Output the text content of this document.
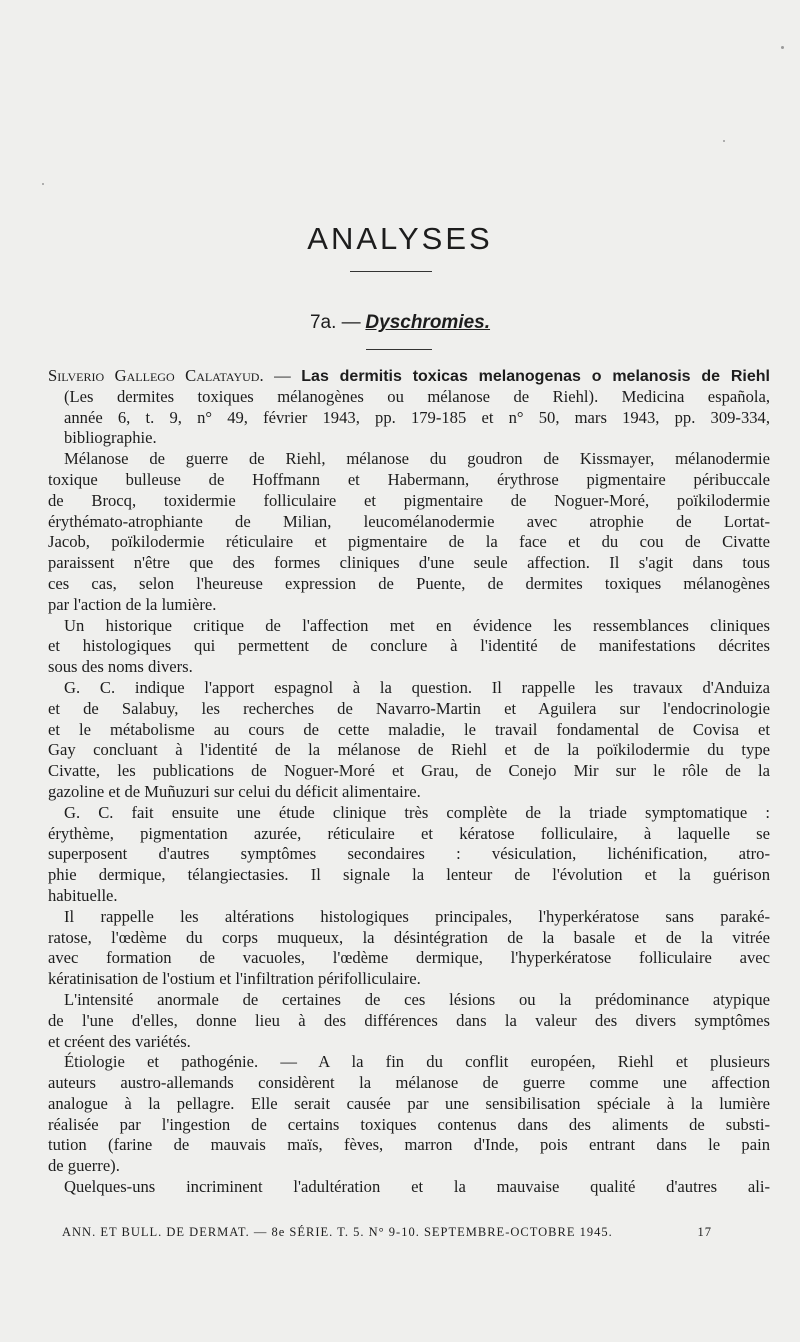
ANALYSES
7a. — Dyschromies.
Silverio Gallego Calatayud. — Las dermitis toxicas melanogenas o melanosis de Riehl
(Les dermites toxiques mélanogènes ou mélanose de Riehl). Medicina española,
année 6, t. 9, n° 49, février 1943, pp. 179-185 et n° 50, mars 1943, pp. 309-334,
bibliographie.
Mélanose de guerre de Riehl, mélanose du goudron de Kissmayer, mélanodermie
toxique bulleuse de Hoffmann et Habermann, érythrose pigmentaire péribuccale
de Brocq, toxidermie folliculaire et pigmentaire de Noguer-Moré, poïkilodermie
érythémato-atrophiante de Milian, leucomélanodermie avec atrophie de Lortat-
Jacob, poïkilodermie réticulaire et pigmentaire de la face et du cou de Civatte
paraissent n'être que des formes cliniques d'une seule affection. Il s'agit dans tous
ces cas, selon l'heureuse expression de Puente, de dermites toxiques mélanogènes
par l'action de la lumière.
Un historique critique de l'affection met en évidence les ressemblances cliniques
et histologiques qui permettent de conclure à l'identité de manifestations décrites
sous des noms divers.
G. C. indique l'apport espagnol à la question. Il rappelle les travaux d'Anduiza
et de Salabuy, les recherches de Navarro-Martin et Aguilera sur l'endocrinologie
et le métabolisme au cours de cette maladie, le travail fondamental de Covisa et
Gay concluant à l'identité de la mélanose de Riehl et de la poïkilodermie du type
Civatte, les publications de Noguer-Moré et Grau, de Conejo Mir sur le rôle de la
gazoline et de Muñuzuri sur celui du déficit alimentaire.
G. C. fait ensuite une étude clinique très complète de la triade symptomatique :
érythème, pigmentation azurée, réticulaire et kératose folliculaire, à laquelle se
superposent d'autres symptômes secondaires : vésiculation, lichénification, atro-
phie dermique, télangiectasies. Il signale la lenteur de l'évolution et la guérison
habituelle.
Il rappelle les altérations histologiques principales, l'hyperkératose sans paraké-
ratose, l'œdème du corps muqueux, la désintégration de la basale et de la vitrée
avec formation de vacuoles, l'œdème dermique, l'hyperkératose folliculaire avec
kératinisation de l'ostium et l'infiltration périfolliculaire.
L'intensité anormale de certaines de ces lésions ou la prédominance atypique
de l'une d'elles, donne lieu à des différences dans la valeur des divers symptômes
et créent des variétés.
Étiologie et pathogénie. — A la fin du conflit européen, Riehl et plusieurs
auteurs austro-allemands considèrent la mélanose de guerre comme une affection
analogue à la pellagre. Elle serait causée par une sensibilisation spéciale à la lumière
réalisée par l'ingestion de certains toxiques contenus dans des aliments de substi-
tution (farine de mauvais maïs, fèves, marron d'Inde, pois entrant dans le pain
de guerre).
Quelques-uns incriminent l'adultération et la mauvaise qualité d'autres ali-
ANN. ET BULL. DE DERMAT. — 8e SÉRIE. T. 5. N° 9-10. SEPTEMBRE-OCTOBRE 1945.	17
